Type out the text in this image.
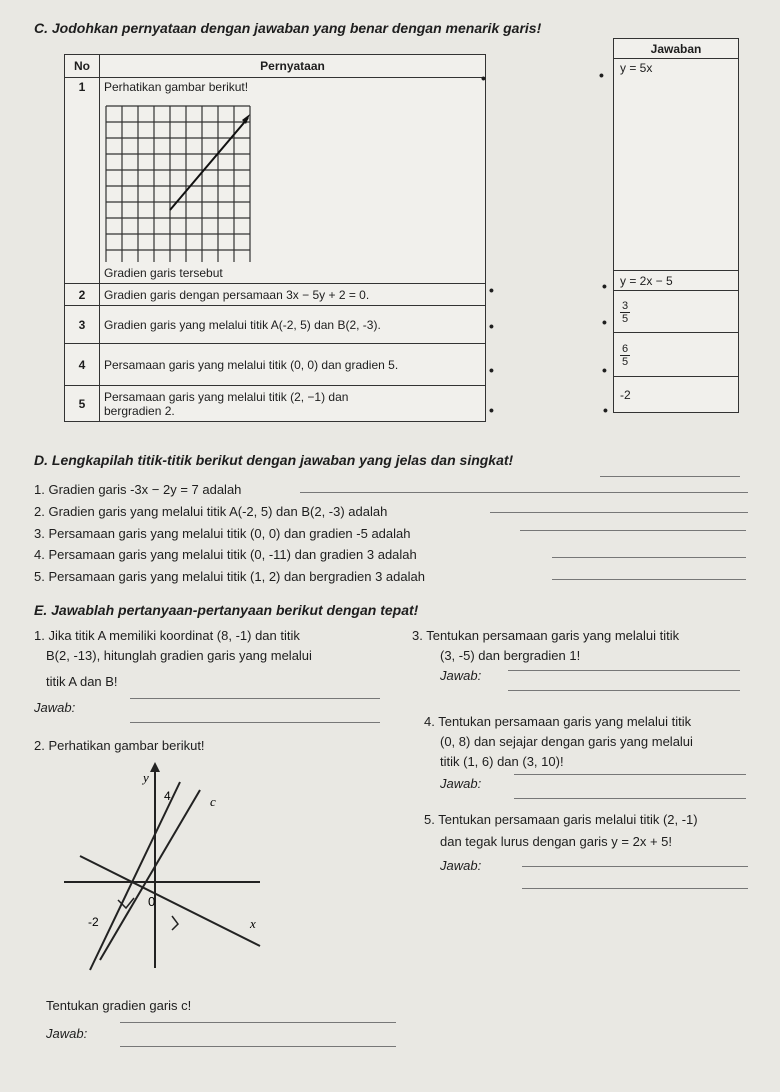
C. Jodohkan pernyataan dengan jawaban yang benar dengan menarik garis!
No	Pernyataan
1	Perhatikan gambar berikut!
Gradien garis tersebut

2	Gradien garis dengan persamaan 3x − 5y + 2 = 0.
3	Gradien garis yang melalui titik A(-2, 5) dan B(2, -3).
4	Persamaan garis yang melalui titik (0, 0) dan gradien 5.
5	Persamaan garis yang melalui titik (2, −1) dan
bergradien 2.
•
•
•
•
•
•
•
•
•
•
Jawaban
y = 5x
y = 2x − 5

$\frac{3}{5}$

$\frac{6}{5}$

-2
D. Lengkapilah titik-titik berikut dengan jawaban yang jelas dan singkat!
1. Gradien garis -3x − 2y = 7 adalah
2. Gradien garis yang melalui titik A(-2, 5) dan B(2, -3) adalah
3. Persamaan garis yang melalui titik (0, 0) dan gradien -5 adalah
4. Persamaan garis yang melalui titik (0, -11) dan gradien 3 adalah
5. Persamaan garis yang melalui titik (1, 2) dan bergradien 3 adalah
E. Jawablah pertanyaan-pertanyaan berikut dengan tepat!
1. Jika titik A memiliki koordinat (8, -1) dan titik
B(2, -13), hitunglah gradien garis yang melalui
titik A dan B!
Jawab:
2. Perhatikan gambar berikut!
y
4	c
0
-2	x
Tentukan gradien garis c!
Jawab:
3. Tentukan persamaan garis yang melalui titik
(3, -5) dan bergradien 1!
Jawab:
4. Tentukan persamaan garis yang melalui titik
(0, 8) dan sejajar dengan garis yang melalui
titik (1, 6) dan (3, 10)!
Jawab:
5. Tentukan persamaan garis melalui titik (2, -1)
dan tegak lurus dengan garis y = 2x + 5!
Jawab:
